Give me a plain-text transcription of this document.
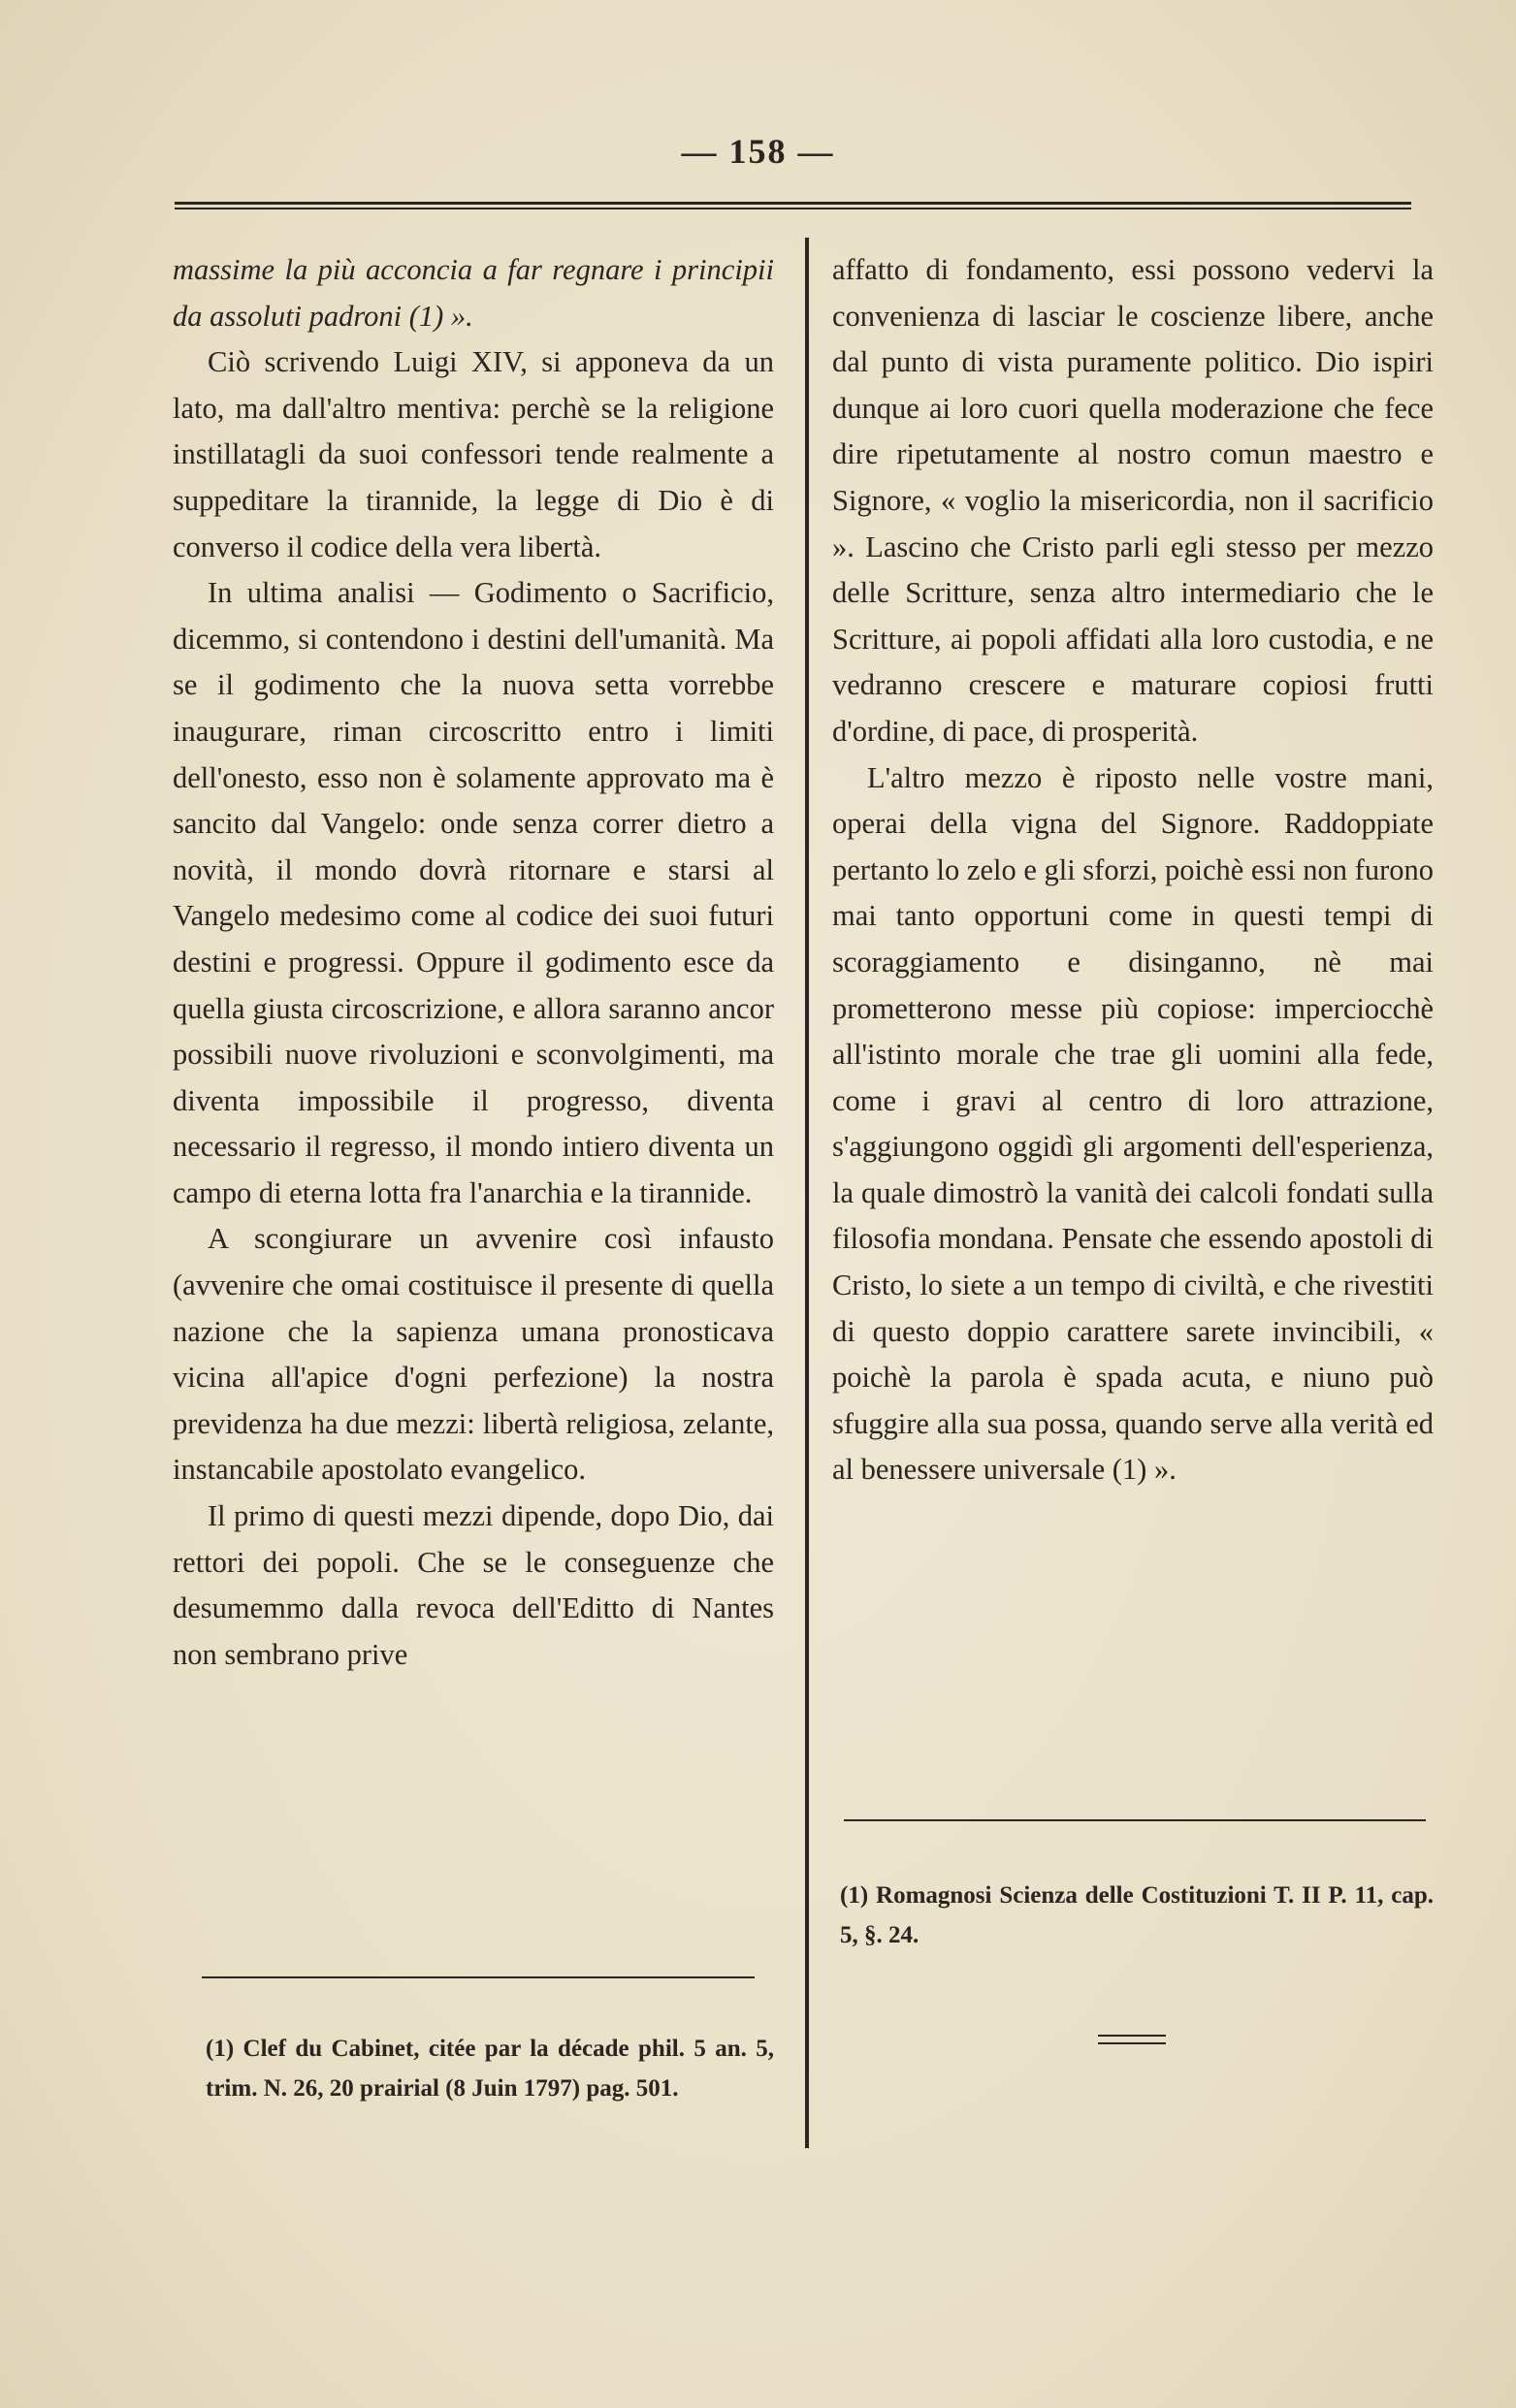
— 158 —

massime la più acconcia a far regnare i principii da assoluti padroni (1) ».

Ciò scrivendo Luigi XIV, si apponeva da un lato, ma dall'altro mentiva: perchè se la religione instillatagli da suoi confessori tende realmente a suppeditare la tirannide, la legge di Dio è di converso il codice della vera libertà.

In ultima analisi — Godimento o Sacrificio, dicemmo, si contendono i destini dell'umanità. Ma se il godimento che la nuova setta vorrebbe inaugurare, riman circoscritto entro i limiti dell'onesto, esso non è solamente approvato ma è sancito dal Vangelo: onde senza correr dietro a novità, il mondo dovrà ritornare e starsi al Vangelo medesimo come al codice dei suoi futuri destini e progressi. Oppure il godimento esce da quella giusta circoscrizione, e allora saranno ancor possibili nuove rivoluzioni e sconvolgimenti, ma diventa impossibile il progresso, diventa necessario il regresso, il mondo intiero diventa un campo di eterna lotta fra l'anarchia e la tirannide.

A scongiurare un avvenire così infausto (avvenire che omai costituisce il presente di quella nazione che la sapienza umana pronosticava vicina all'apice d'ogni perfezione) la nostra previdenza ha due mezzi: libertà religiosa, zelante, instancabile apostolato evangelico.

Il primo di questi mezzi dipende, dopo Dio, dai rettori dei popoli. Che se le conseguenze che desumemmo dalla revoca dell'Editto di Nantes non sembrano prive

affatto di fondamento, essi possono vedervi la convenienza di lasciar le coscienze libere, anche dal punto di vista puramente politico. Dio ispiri dunque ai loro cuori quella moderazione che fece dire ripetutamente al nostro comun maestro e Signore, « voglio la misericordia, non il sacrificio ». Lascino che Cristo parli egli stesso per mezzo delle Scritture, senza altro intermediario che le Scritture, ai popoli affidati alla loro custodia, e ne vedranno crescere e maturare copiosi frutti d'ordine, di pace, di prosperità.

L'altro mezzo è riposto nelle vostre mani, operai della vigna del Signore. Raddoppiate pertanto lo zelo e gli sforzi, poichè essi non furono mai tanto opportuni come in questi tempi di scoraggiamento e disinganno, nè mai prometterono messe più copiose: imperciocchè all'istinto morale che trae gli uomini alla fede, come i gravi al centro di loro attrazione, s'aggiungono oggidì gli argomenti dell'esperienza, la quale dimostrò la vanità dei calcoli fondati sulla filosofia mondana. Pensate che essendo apostoli di Cristo, lo siete a un tempo di civiltà, e che rivestiti di questo doppio carattere sarete invincibili, « poichè la parola è spada acuta, e niuno può sfuggire alla sua possa, quando serve alla verità ed al benessere universale (1) ».

(1) Clef du Cabinet, citée par la décade phil. 5 an. 5, trim. N. 26, 20 prairial (8 Juin 1797) pag. 501.
(1) Romagnosi Scienza delle Costituzioni T. II P. 11, cap. 5, §. 24.
